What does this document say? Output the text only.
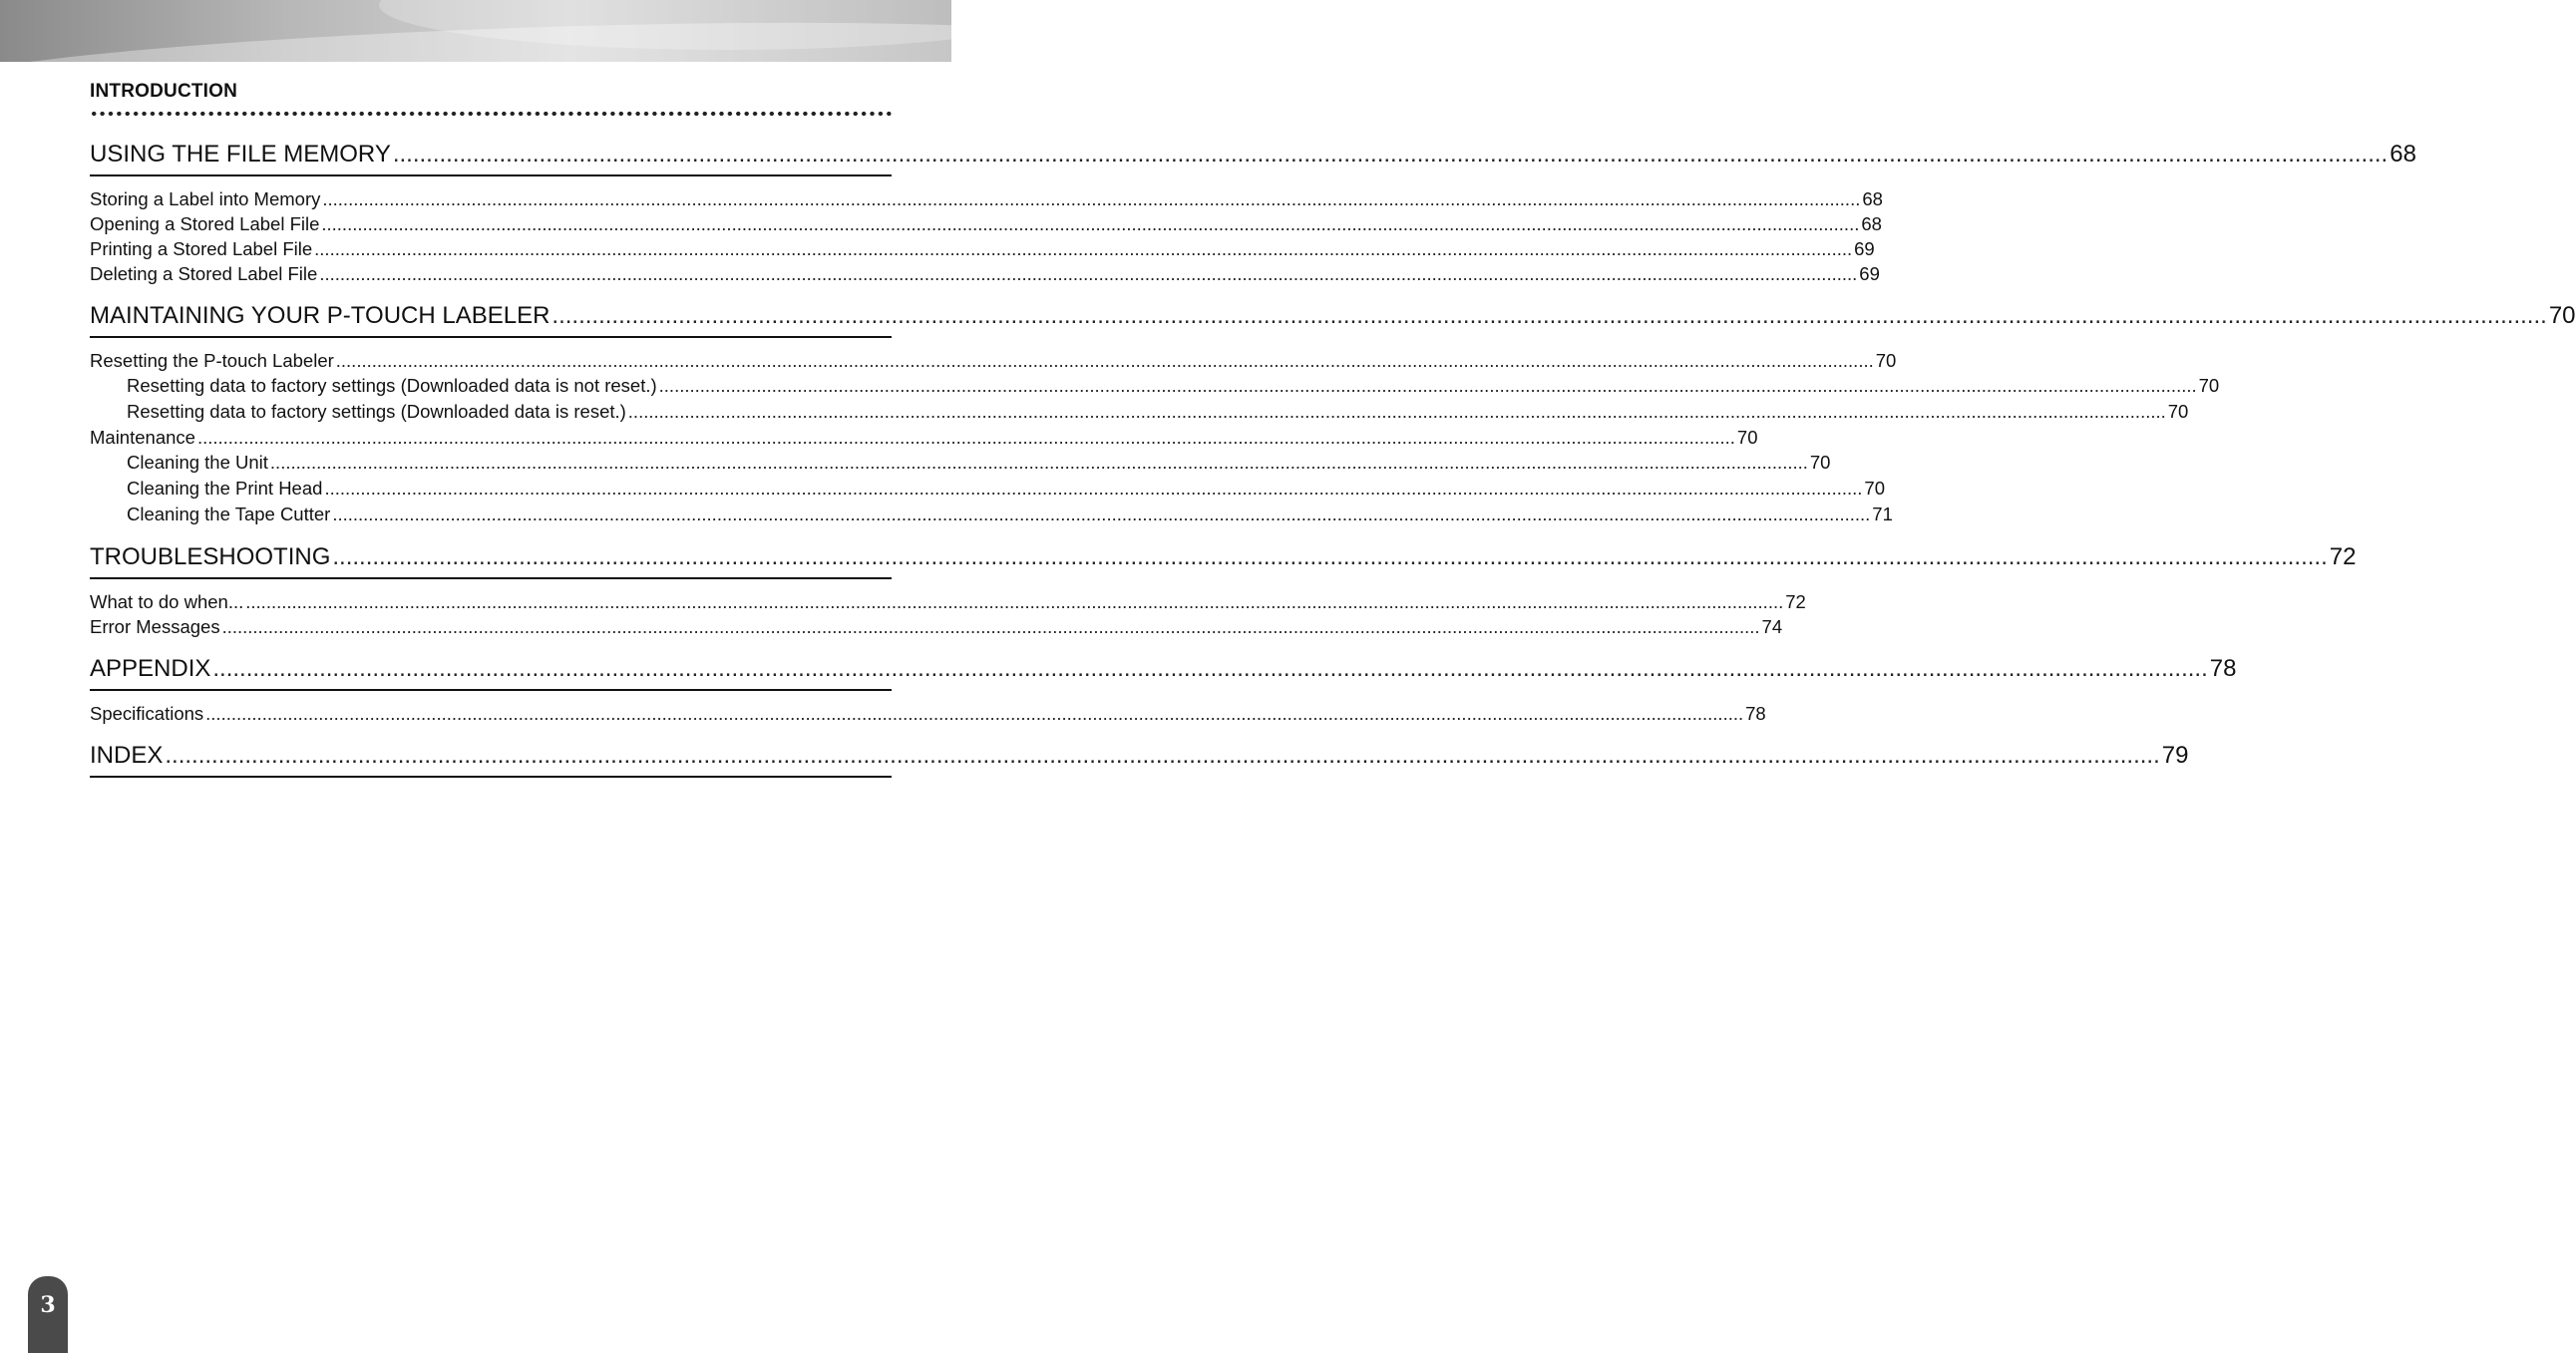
INTRODUCTION
USING THE FILE MEMORY ............................................................................................................................................................................................................................................................................................................ 68
Storing a Label into Memory ............................................................................................................................................................................................................................................................................................................ 68
Opening a Stored Label File ............................................................................................................................................................................................................................................................................................................ 68
Printing a Stored Label File ............................................................................................................................................................................................................................................................................................................ 69
Deleting a Stored Label File ............................................................................................................................................................................................................................................................................................................ 69
MAINTAINING YOUR P-TOUCH LABELER ............................................................................................................................................................................................................................................................................................................ 70
Resetting the P-touch Labeler ............................................................................................................................................................................................................................................................................................................ 70
Resetting data to factory settings (Downloaded data is not reset.) ............................................................................................................................................................................................................................................................................................................ 70
Resetting data to factory settings (Downloaded data is reset.) ............................................................................................................................................................................................................................................................................................................ 70
Maintenance ............................................................................................................................................................................................................................................................................................................ 70
Cleaning the Unit ............................................................................................................................................................................................................................................................................................................ 70
Cleaning the Print Head ............................................................................................................................................................................................................................................................................................................ 70
Cleaning the Tape Cutter ............................................................................................................................................................................................................................................................................................................ 71
TROUBLESHOOTING ............................................................................................................................................................................................................................................................................................................ 72
What to do when... ............................................................................................................................................................................................................................................................................................................ 72
Error Messages ............................................................................................................................................................................................................................................................................................................ 74
APPENDIX ............................................................................................................................................................................................................................................................................................................ 78
Specifications ............................................................................................................................................................................................................................................................................................................ 78
INDEX ............................................................................................................................................................................................................................................................................................................ 79
3
